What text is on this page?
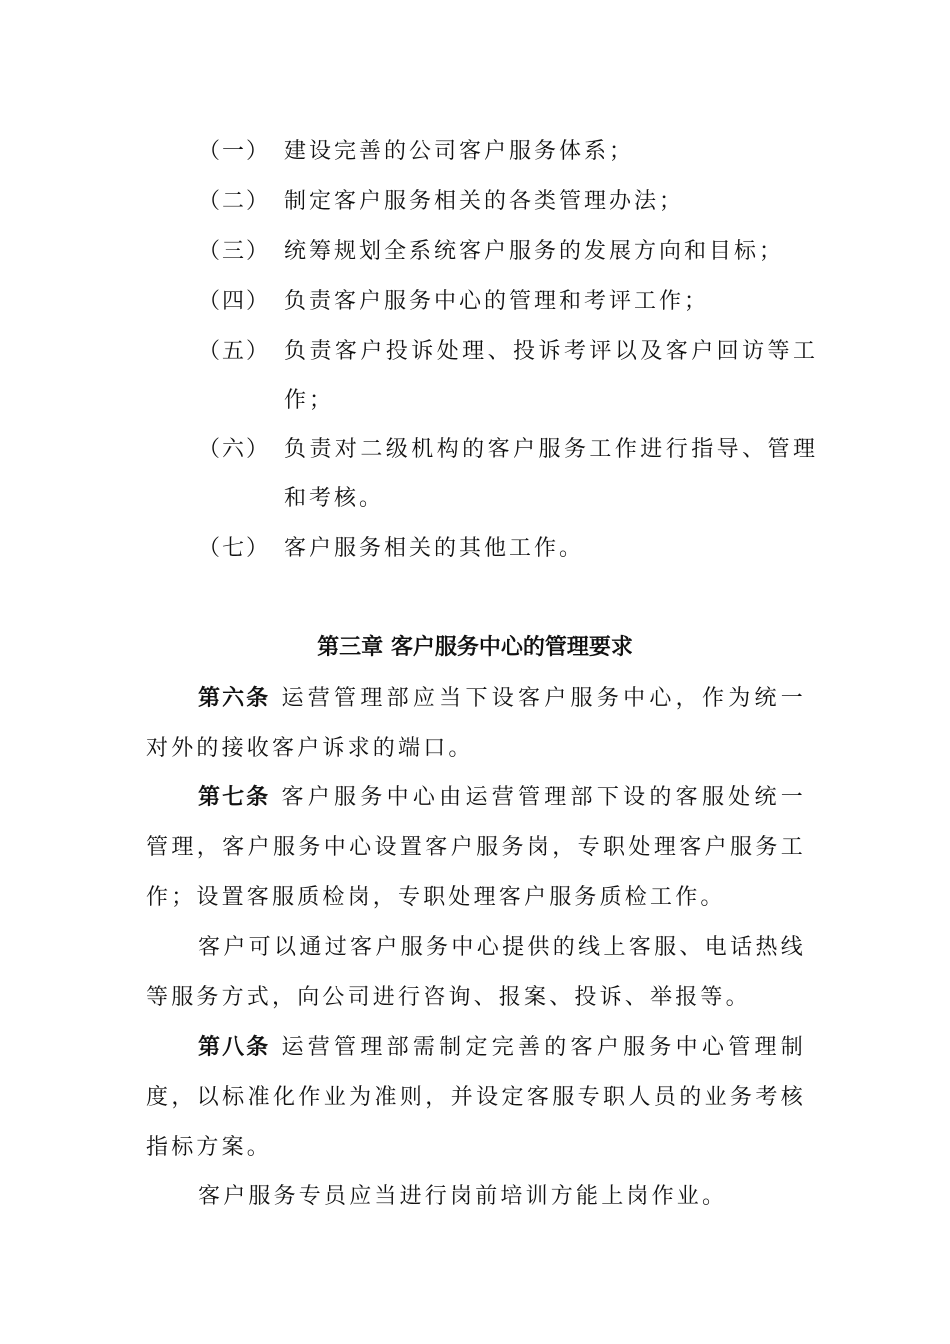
（一） 建设完善的公司客户服务体系；
（二） 制定客户服务相关的各类管理办法；
（三） 统筹规划全系统客户服务的发展方向和目标；
（四） 负责客户服务中心的管理和考评工作；
（五） 负责客户投诉处理、投诉考评以及客户回访等工作；
（六） 负责对二级机构的客户服务工作进行指导、管理和考核。
（七） 客户服务相关的其他工作。
第三章 客户服务中心的管理要求
第六条 运营管理部应当下设客户服务中心，作为统一对外的接收客户诉求的端口。
第七条 客户服务中心由运营管理部下设的客服处统一管理，客户服务中心设置客户服务岗，专职处理客户服务工作；设置客服质检岗，专职处理客户服务质检工作。
客户可以通过客户服务中心提供的线上客服、电话热线等服务方式，向公司进行咨询、报案、投诉、举报等。
第八条 运营管理部需制定完善的客户服务中心管理制度，以标准化作业为准则，并设定客服专职人员的业务考核指标方案。
客户服务专员应当进行岗前培训方能上岗作业。
